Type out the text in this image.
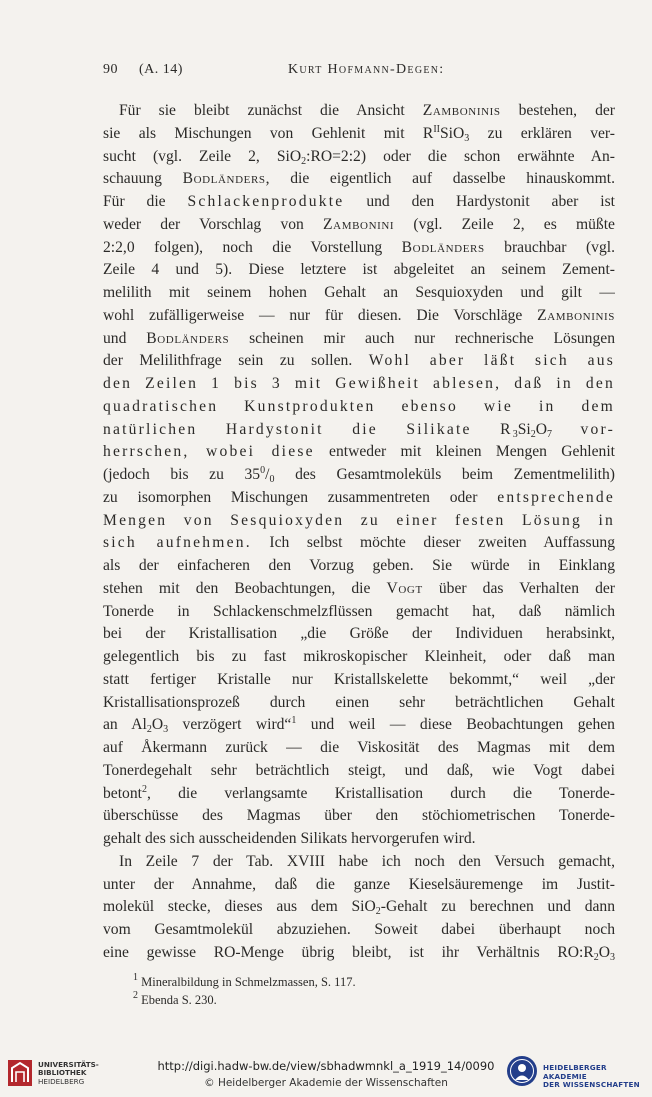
90 (A. 14)	Kurt Hofmann-Degen:
Für sie bleibt zunächst die Ansicht Zamboninis bestehen, der
sie als Mischungen von Gehlenit mit $R^{II}SiO_3$ zu erklären ver-
sucht (vgl. Zeile 2, SiO$_2$:RO=2:2) oder die schon erwähnte An-
schauung Bodländers, die eigentlich auf dasselbe hinauskommt.
Für die Schlackenprodukte und den Hardystonit aber ist
weder der Vorschlag von Zambonini (vgl. Zeile 2, es müßte
2:2,0 folgen), noch die Vorstellung Bodländers brauchbar (vgl.
Zeile 4 und 5). Diese letztere ist abgeleitet an seinem Zement-
melilith mit seinem hohen Gehalt an Sesquioxyden und gilt —
wohl zufälligerweise — nur für diesen. Die Vorschläge Zamboninis
und Bodländers scheinen mir auch nur rechnerische Lösungen
der Melilithfrage sein zu sollen. Wohl aber läßt sich aus
den Zeilen 1 bis 3 mit Gewißheit ablesen, daß in den
quadratischen Kunstprodukten ebenso wie in dem
natürlichen Hardystonit die Silikate $R_3Si_2O_7$ vor-
herrschen, wobei diese entweder mit kleinen Mengen Gehlenit
(jedoch bis zu $35^0/_0$ des Gesamtmoleküls beim Zementmelilith)
zu isomorphen Mischungen zusammentreten oder entsprechende
Mengen von Sesquioxyden zu einer festen Lösung in
sich aufnehmen. Ich selbst möchte dieser zweiten Auffassung
als der einfacheren den Vorzug geben. Sie würde in Einklang
stehen mit den Beobachtungen, die Vogt über das Verhalten der
Tonerde in Schlackenschmelzflüssen gemacht hat, daß nämlich
bei der Kristallisation „die Größe der Individuen herabsinkt,
gelegentlich bis zu fast mikroskopischer Kleinheit, oder daß man
statt fertiger Kristalle nur Kristallskelette bekommt,“ weil „der
Kristallisationsprozeß durch einen sehr beträchtlichen Gehalt
an $Al_2O_3$ verzögert wird“$^1$ und weil — diese Beobachtungen gehen
auf Åkermann zurück — die Viskosität des Magmas mit dem
Tonerdegehalt sehr beträchtlich steigt, und daß, wie Vogt dabei
betont$^2$, die verlangsamte Kristallisation durch die Tonerde-
überschüsse des Magmas über den stöchiometrischen Tonerde-
gehalt des sich ausscheidenden Silikats hervorgerufen wird.
In Zeile 7 der Tab. XVIII habe ich noch den Versuch gemacht,
unter der Annahme, daß die ganze Kieselsäuremenge im Justit-
molekül stecke, dieses aus dem SiO$_2$-Gehalt zu berechnen und dann
vom Gesamtmolekül abzuziehen. Soweit dabei überhaupt noch
eine gewisse RO-Menge übrig bleibt, ist ihr Verhältnis $RO:R_2O_3$
$^1$ Mineralbildung in Schmelzmassen, S. 117.
$^2$ Ebenda S. 230.
UNIVERSITÄTS-
BIBLIOTHEK
HEIDELBERG
http://digi.hadw-bw.de/view/sbhadwmnkl_a_1919_14/0090
© Heidelberger Akademie der Wissenschaften
HEIDELBERGER AKADEMIE
DER WISSENSCHAFTEN
